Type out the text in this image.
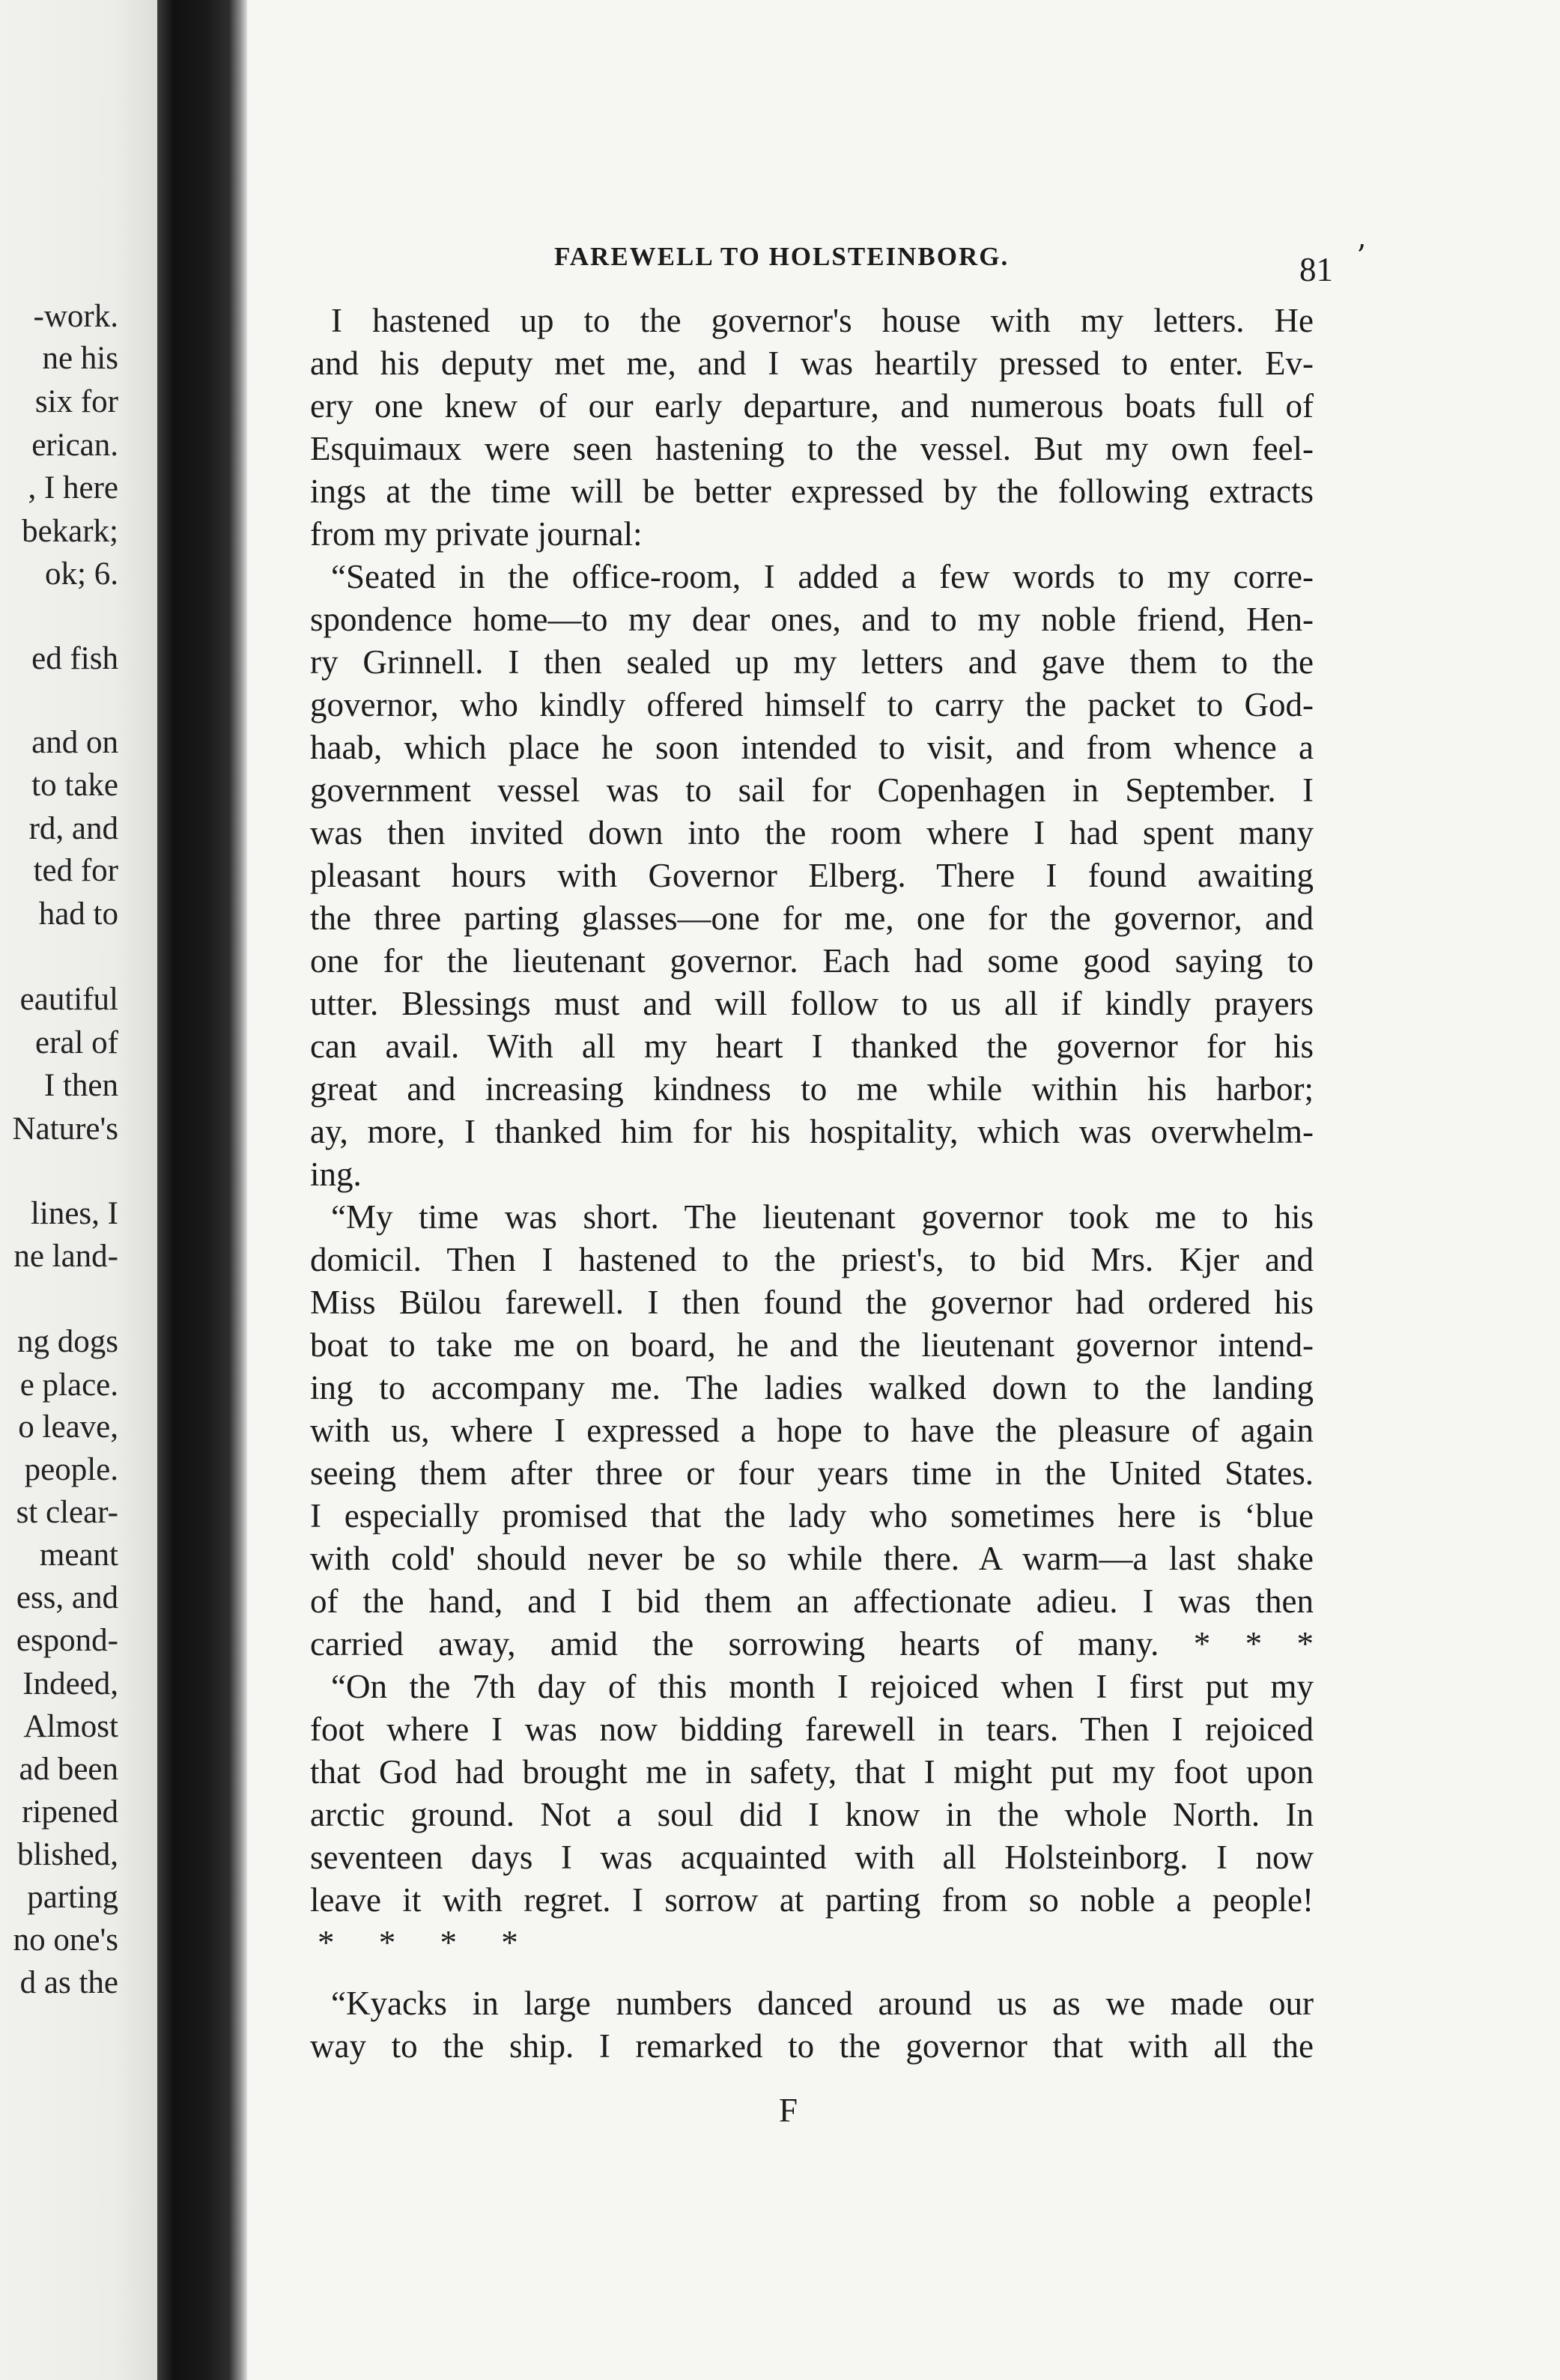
-work.
ne his
six for
erican.
, I here
bekark;
ok; 6.
ed fish
and on
to take
rd, and
ted for
had to
eautiful
eral of
I then
Nature's
lines, I
ne land-
ng dogs
e place.
o leave,
people.
st clear-
meant
ess, and
espond-
Indeed,
Almost
ad been
ripened
blished,
parting
no one's
d as the
FAREWELL TO HOLSTEINBORG.	81 ʼ
I hastened up to the governor's house with my letters. He
and his deputy met me, and I was heartily pressed to enter. Ev-
ery one knew of our early departure, and numerous boats full of
Esquimaux were seen hastening to the vessel. But my own feel-
ings at the time will be better expressed by the following extracts
from my private journal:
“Seated in the office-room, I added a few words to my corre-
spondence home—to my dear ones, and to my noble friend, Hen-
ry Grinnell. I then sealed up my letters and gave them to the
governor, who kindly offered himself to carry the packet to God-
haab, which place he soon intended to visit, and from whence a
government vessel was to sail for Copenhagen in September. I
was then invited down into the room where I had spent many
pleasant hours with Governor Elberg. There I found awaiting
the three parting glasses—one for me, one for the governor, and
one for the lieutenant governor. Each had some good saying to
utter. Blessings must and will follow to us all if kindly prayers
can avail. With all my heart I thanked the governor for his
great and increasing kindness to me while within his harbor;
ay, more, I thanked him for his hospitality, which was overwhelm-
ing.
“My time was short. The lieutenant governor took me to his
domicil. Then I hastened to the priest's, to bid Mrs. Kjer and
Miss Bülou farewell. I then found the governor had ordered his
boat to take me on board, he and the lieutenant governor intend-
ing to accompany me. The ladies walked down to the landing
with us, where I expressed a hope to have the pleasure of again
seeing them after three or four years time in the United States.
I especially promised that the lady who sometimes here is ‘blue
with cold' should never be so while there. A warm—a last shake
of the hand, and I bid them an affectionate adieu. I was then
carried away, amid the sorrowing hearts of many. * * *
“On the 7th day of this month I rejoiced when I first put my
foot where I was now bidding farewell in tears. Then I rejoiced
that God had brought me in safety, that I might put my foot upon
arctic ground. Not a soul did I know in the whole North. In
seventeen days I was acquainted with all Holsteinborg. I now
leave it with regret. I sorrow at parting from so noble a people!
* * * *
“Kyacks in large numbers danced around us as we made our
way to the ship. I remarked to the governor that with all the
F
